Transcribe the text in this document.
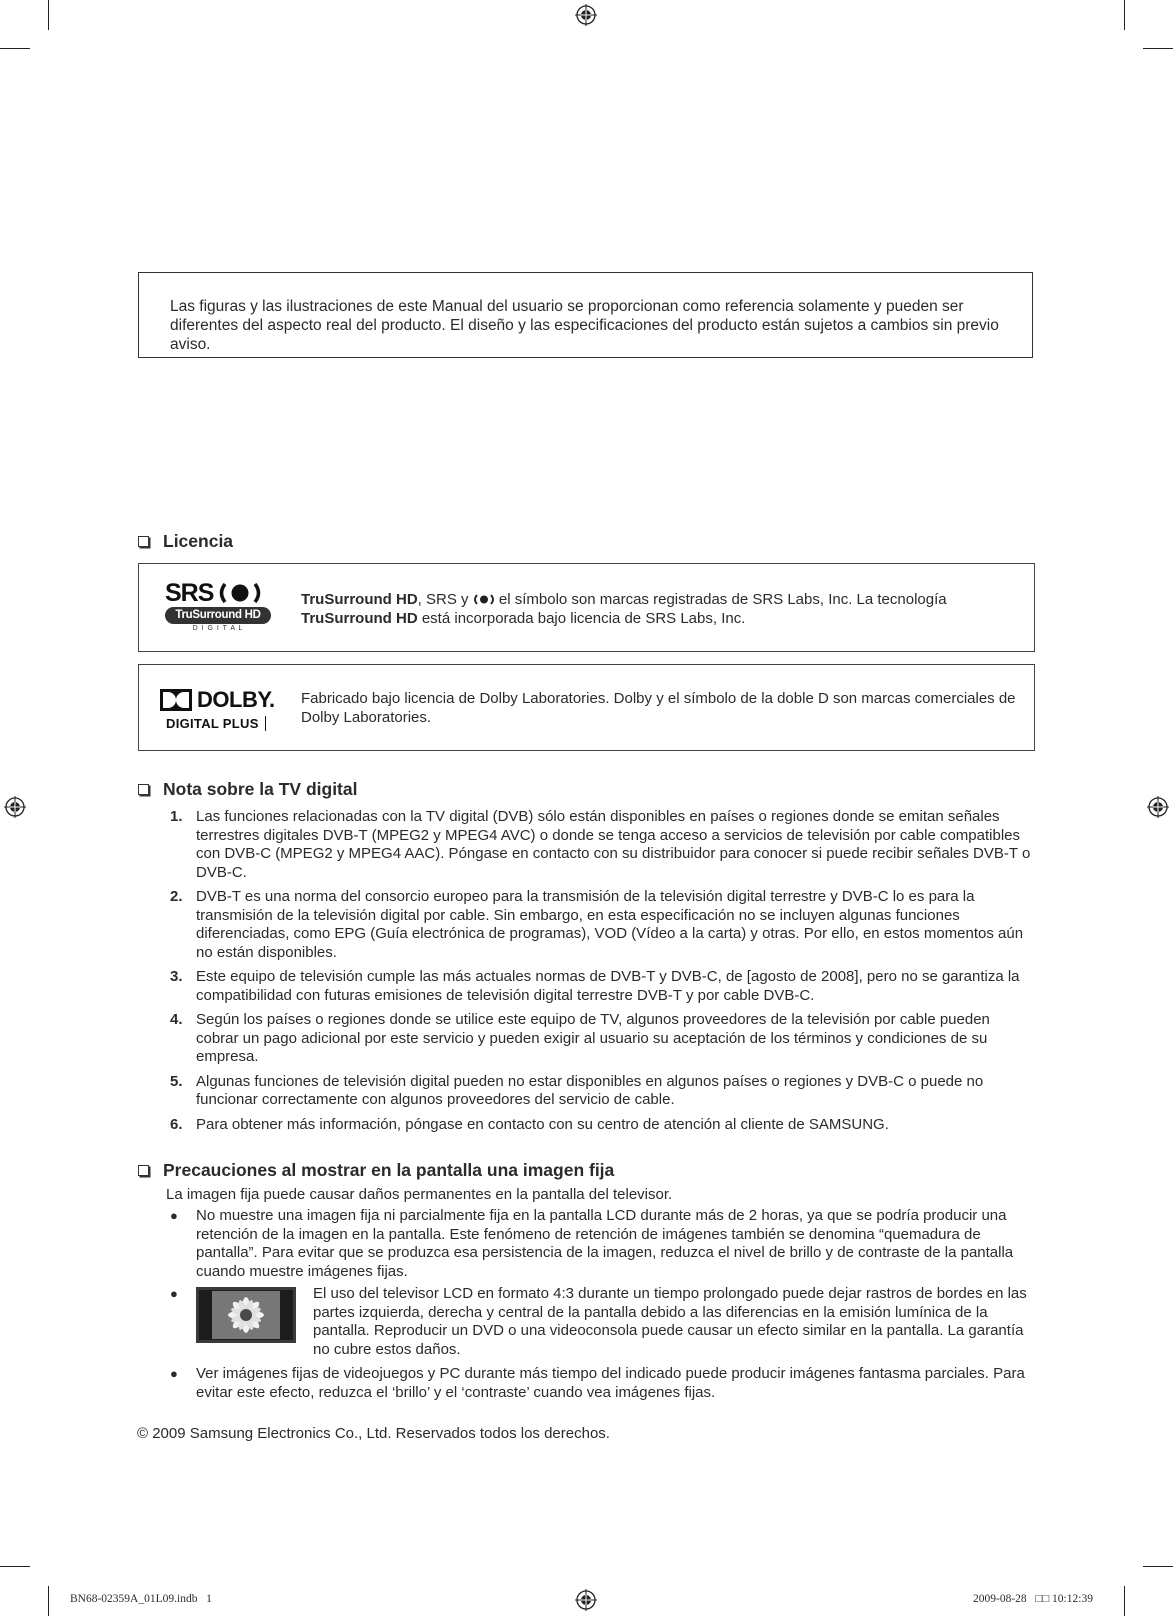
Las figuras y las ilustraciones de este Manual del usuario se proporcionan como referencia solamente y pueden ser diferentes del aspecto real del producto. El diseño y las especificaciones del producto están sujetos a cambios sin previo aviso.
Licencia
SRS
TruSurround HD
D I G I T A L
TruSurround HD, SRS y el símbolo son marcas registradas de SRS Labs, Inc. La tecnología
TruSurround HD está incorporada bajo licencia de SRS Labs, Inc.
DOLBY.
DIGITAL PLUS
Fabricado bajo licencia de Dolby Laboratories. Dolby y el símbolo de la doble D son marcas comerciales de Dolby Laboratories.
Nota sobre la TV digital
1. Las funciones relacionadas con la TV digital (DVB) sólo están disponibles en países o regiones donde se emitan señales terrestres digitales DVB-T (MPEG2 y MPEG4 AVC) o donde se tenga acceso a servicios de televisión por cable compatibles con DVB-C (MPEG2 y MPEG4 AAC). Póngase en contacto con su distribuidor para conocer si puede recibir señales DVB-T o DVB-C.
2. DVB-T es una norma del consorcio europeo para la transmisión de la televisión digital terrestre y DVB-C lo es para la transmisión de la televisión digital por cable. Sin embargo, en esta especificación no se incluyen algunas funciones diferenciadas, como EPG (Guía electrónica de programas), VOD (Vídeo a la carta) y otras. Por ello, en estos momentos aún no están disponibles.
3. Este equipo de televisión cumple las más actuales normas de DVB-T y DVB-C, de [agosto de 2008], pero no se garantiza la compatibilidad con futuras emisiones de televisión digital terrestre DVB-T y por cable DVB-C.
4. Según los países o regiones donde se utilice este equipo de TV, algunos proveedores de la televisión por cable pueden cobrar un pago adicional por este servicio y pueden exigir al usuario su aceptación de los términos y condiciones de su empresa.
5. Algunas funciones de televisión digital pueden no estar disponibles en algunos países o regiones y DVB-C o puede no funcionar correctamente con algunos proveedores del servicio de cable.
6. Para obtener más información, póngase en contacto con su centro de atención al cliente de SAMSUNG.
Precauciones al mostrar en la pantalla una imagen fija
La imagen fija puede causar daños permanentes en la pantalla del televisor.
● No muestre una imagen fija ni parcialmente fija en la pantalla LCD durante más de 2 horas, ya que se podría producir una retención de la imagen en la pantalla. Este fenómeno de retención de imágenes también se denomina “quemadura de pantalla”. Para evitar que se produzca esa persistencia de la imagen, reduzca el nivel de brillo y de contraste de la pantalla cuando muestre imágenes fijas.
●	El uso del televisor LCD en formato 4:3 durante un tiempo prolongado puede dejar rastros de bordes en las partes izquierda, derecha y central de la pantalla debido a las diferencias en la emisión lumínica de la pantalla. Reproducir un DVD o una videoconsola puede causar un efecto similar en la pantalla. La garantía no cubre estos daños.
● Ver imágenes fijas de videojuegos y PC durante más tiempo del indicado puede producir imágenes fantasma parciales. Para evitar este efecto, reduzca el ‘brillo’ y el ‘contraste’ cuando vea imágenes fijas.
© 2009 Samsung Electronics Co., Ltd. Reservados todos los derechos.
BN68-02359A_01L09.indb   1	2009-08-28   □□ 10:12:39
